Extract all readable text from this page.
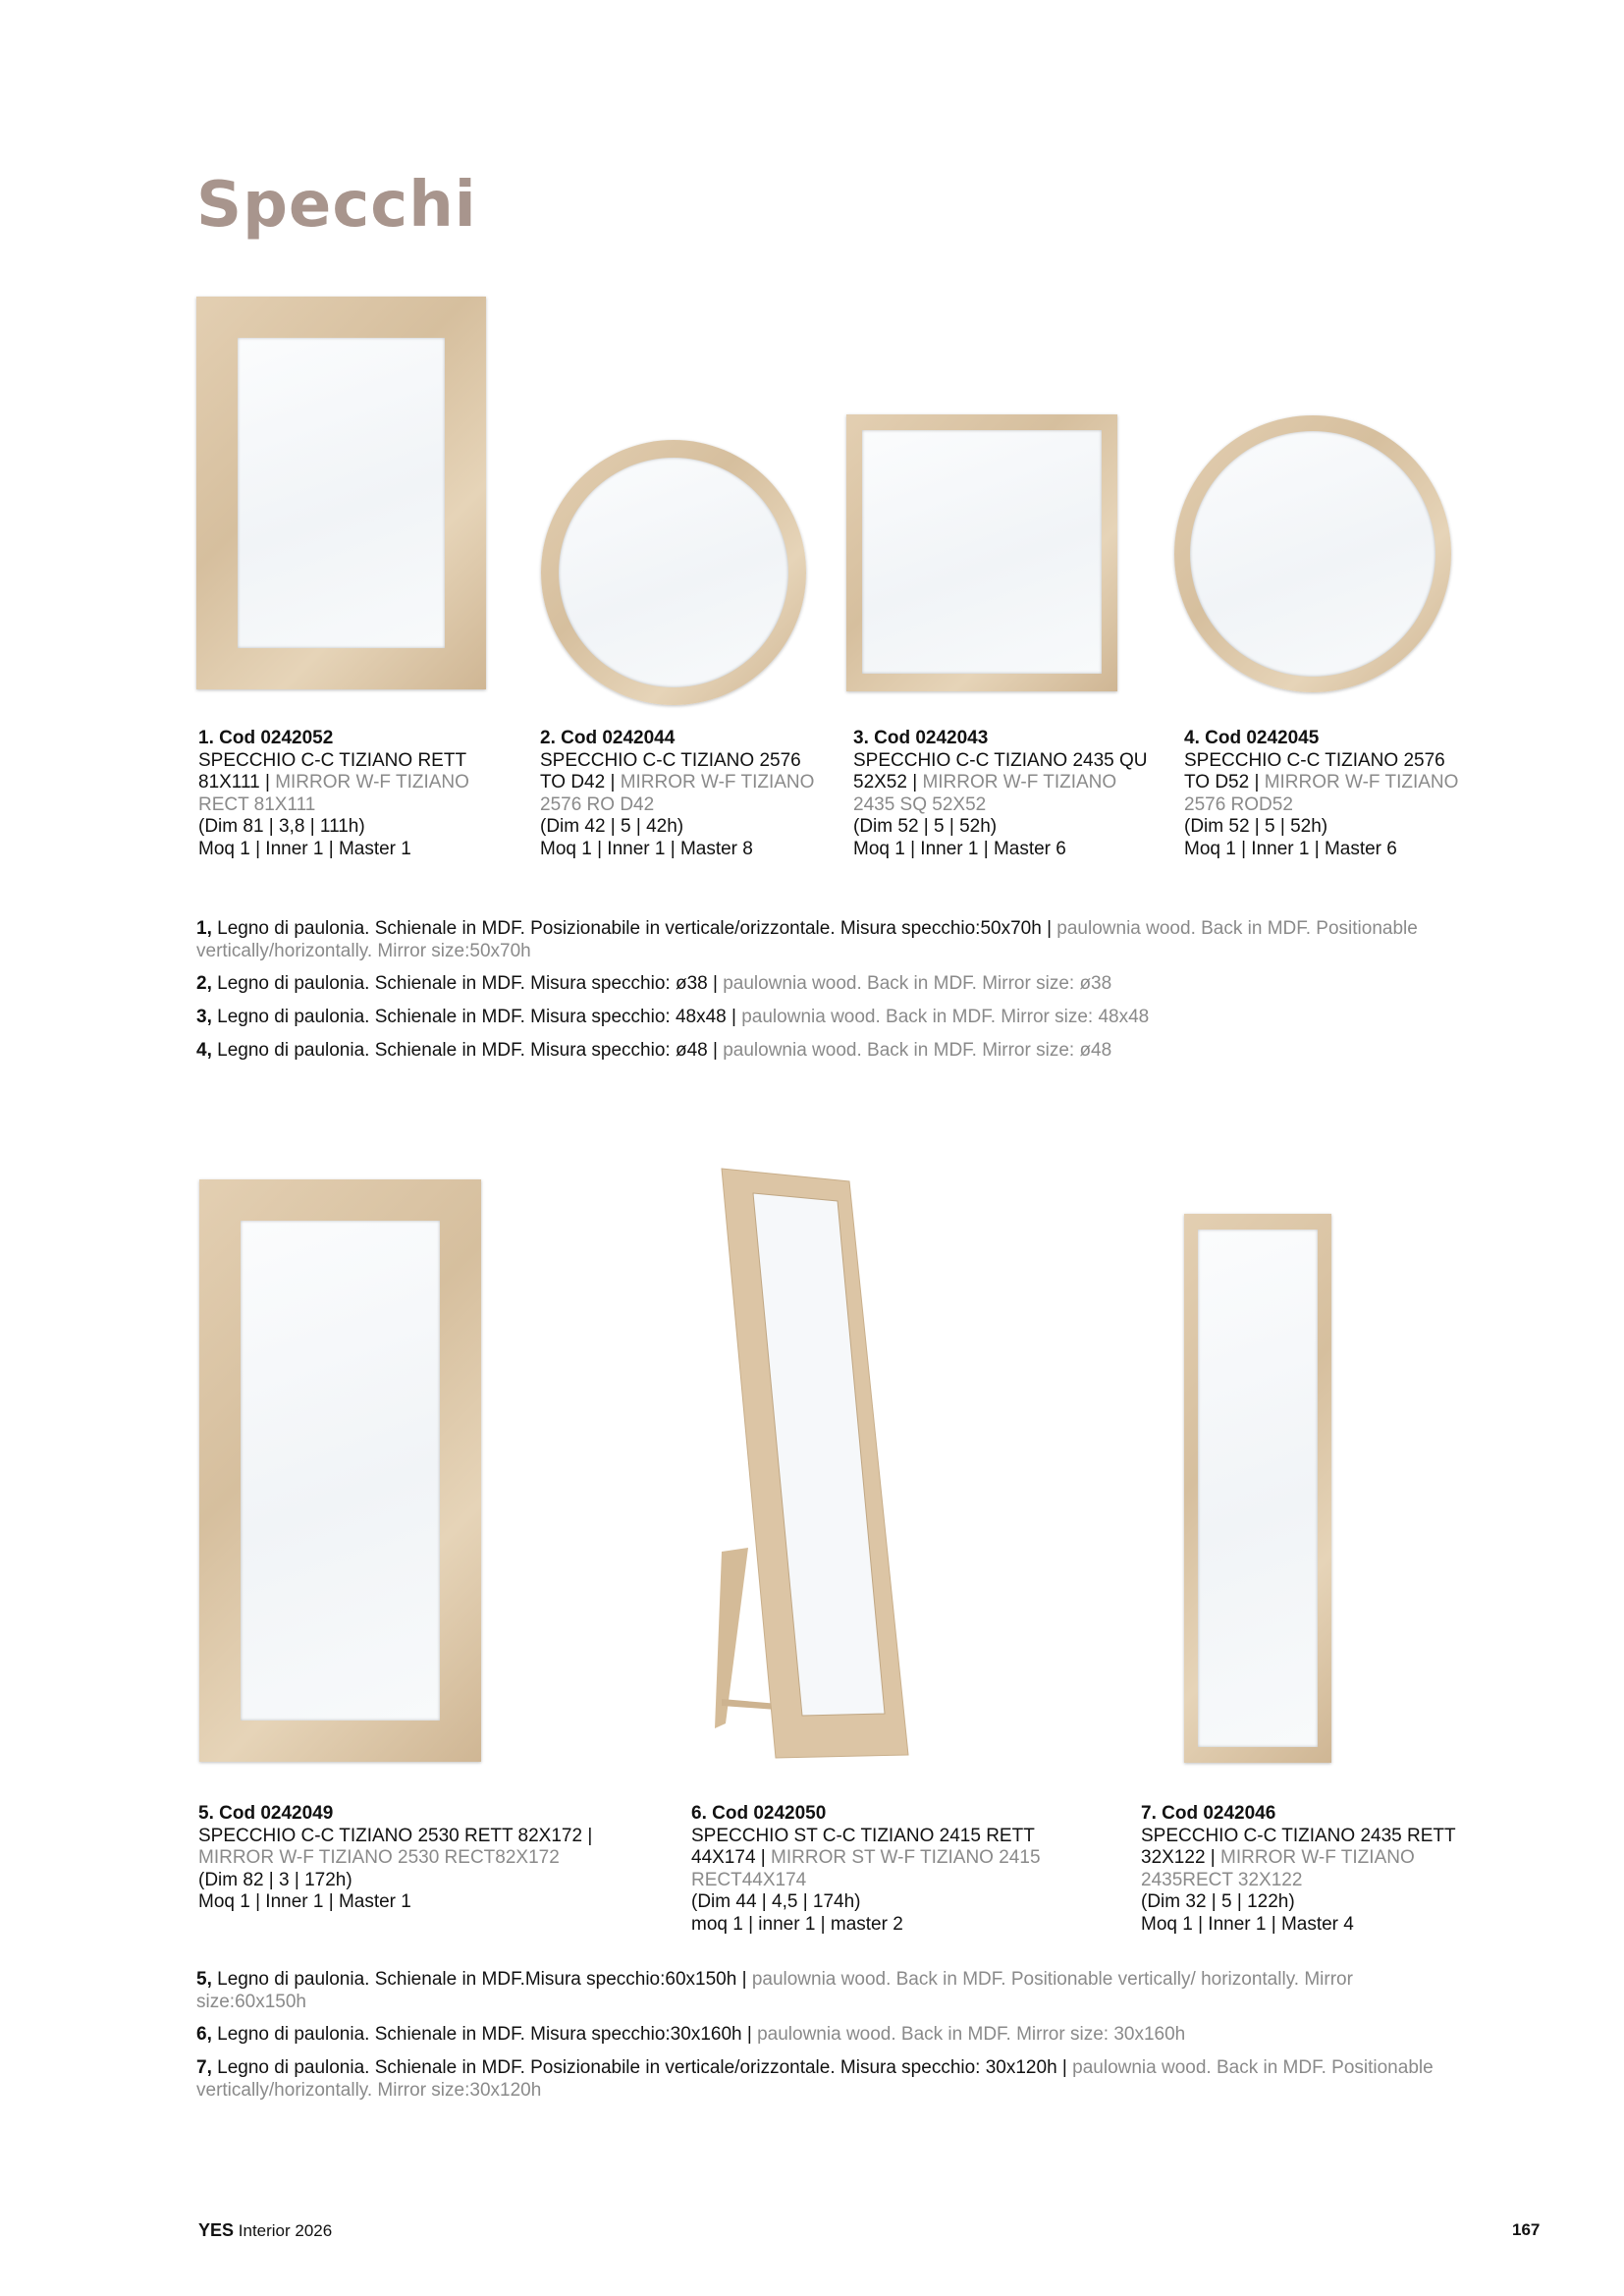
Specchi
1. Cod 0242052
SPECCHIO C-C TIZIANO RETT 81X111 | MIRROR W-F TIZIANO RECT 81X111
(Dim 81 | 3,8 | 111h)
Moq 1 | Inner 1 | Master 1
2. Cod 0242044
SPECCHIO C-C TIZIANO 2576 TO D42 | MIRROR W-F TIZIANO 2576 RO D42
(Dim 42 | 5 | 42h)
Moq 1 | Inner 1 | Master 8
3. Cod 0242043
SPECCHIO C-C TIZIANO 2435 QU 52X52 | MIRROR W-F TIZIANO 2435 SQ 52X52
(Dim 52 | 5 | 52h)
Moq 1 | Inner 1 | Master 6
4. Cod 0242045
SPECCHIO C-C TIZIANO 2576 TO D52 | MIRROR W-F TIZIANO 2576 ROD52
(Dim 52 | 5 | 52h)
Moq 1 | Inner 1 | Master 6
1, Legno di paulonia. Schienale in MDF. Posizionabile in verticale/orizzontale. Misura specchio:50x70h | paulownia wood. Back in MDF. Positionable vertically/horizontally. Mirror size:50x70h
2, Legno di paulonia. Schienale in MDF. Misura specchio: ø38 | paulownia wood. Back in MDF. Mirror size: ø38
3, Legno di paulonia. Schienale in MDF. Misura specchio: 48x48 | paulownia wood. Back in MDF. Mirror size: 48x48
4, Legno di paulonia. Schienale in MDF. Misura specchio: ø48 | paulownia wood. Back in MDF. Mirror size: ø48
5. Cod 0242049
SPECCHIO C-C TIZIANO 2530 RETT 82X172 | MIRROR W-F TIZIANO 2530 RECT82X172
(Dim 82 | 3 | 172h)
Moq 1 | Inner 1 | Master 1
6. Cod 0242050
SPECCHIO ST C-C TIZIANO 2415 RETT 44X174 | MIRROR ST W-F TIZIANO 2415 RECT44X174
(Dim 44 | 4,5 | 174h)
moq 1 | inner 1 | master 2
7. Cod 0242046
SPECCHIO C-C TIZIANO 2435 RETT 32X122 | MIRROR W-F TIZIANO 2435RECT 32X122
(Dim 32 | 5 | 122h)
Moq 1 | Inner 1 | Master 4
5, Legno di paulonia. Schienale in MDF.Misura specchio:60x150h | paulownia wood. Back in MDF. Positionable vertically/ horizontally. Mirror size:60x150h
6, Legno di paulonia. Schienale in MDF. Misura specchio:30x160h | paulownia wood. Back in MDF. Mirror size: 30x160h
7, Legno di paulonia. Schienale in MDF. Posizionabile in verticale/orizzontale. Misura specchio: 30x120h | paulownia wood. Back in MDF. Positionable vertically/horizontally. Mirror size:30x120h
YES Interior 2026	167
